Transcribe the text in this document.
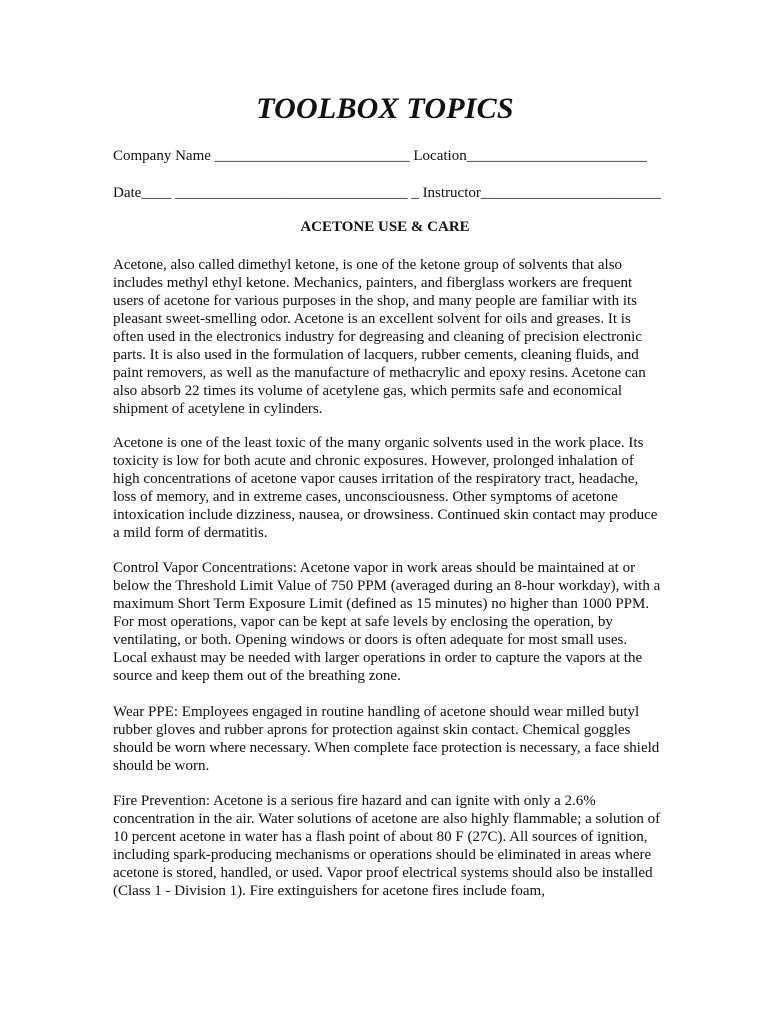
TOOLBOX TOPICS
Company Name __________________________ Location________________________
Date____ _______________________________ _ Instructor________________________
ACETONE USE & CARE

Acetone, also called dimethyl ketone, is one of the ketone group of solvents that also includes methyl ethyl ketone. Mechanics, painters, and fiberglass workers are frequent users of acetone for various purposes in the shop, and many people are familiar with its pleasant sweet-smelling odor. Acetone is an excellent solvent for oils and greases. It is often used in the electronics industry for degreasing and cleaning of precision electronic parts. It is also used in the formulation of lacquers, rubber cements, cleaning fluids, and paint removers, as well as the manufacture of methacrylic and epoxy resins. Acetone can also absorb 22 times its volume of acetylene gas, which permits safe and economical shipment of acetylene in cylinders.

Acetone is one of the least toxic of the many organic solvents used in the work place. Its toxicity is low for both acute and chronic exposures. However, prolonged inhalation of high concentrations of acetone vapor causes irritation of the respiratory tract, headache, loss of memory, and in extreme cases, unconsciousness. Other symptoms of acetone intoxication include dizziness, nausea, or drowsiness. Continued skin contact may produce a mild form of dermatitis.

Control Vapor Concentrations: Acetone vapor in work areas should be maintained at or below the Threshold Limit Value of 750 PPM (averaged during an 8-hour workday), with a maximum Short Term Exposure Limit (defined as 15 minutes) no higher than 1000 PPM. For most operations, vapor can be kept at safe levels by enclosing the operation, by ventilating, or both. Opening windows or doors is often adequate for most small uses. Local exhaust may be needed with larger operations in order to capture the vapors at the source and keep them out of the breathing zone.

Wear PPE: Employees engaged in routine handling of acetone should wear milled butyl rubber gloves and rubber aprons for protection against skin contact. Chemical goggles should be worn where necessary. When complete face protection is necessary, a face shield should be worn.

Fire Prevention: Acetone is a serious fire hazard and can ignite with only a 2.6% concentration in the air. Water solutions of acetone are also highly flammable; a solution of 10 percent acetone in water has a flash point of about 80 F (27C). All sources of ignition, including spark-producing mechanisms or operations should be eliminated in areas where acetone is stored, handled, or used. Vapor proof electrical systems should also be installed (Class 1 - Division 1). Fire extinguishers for acetone fires include foam,
